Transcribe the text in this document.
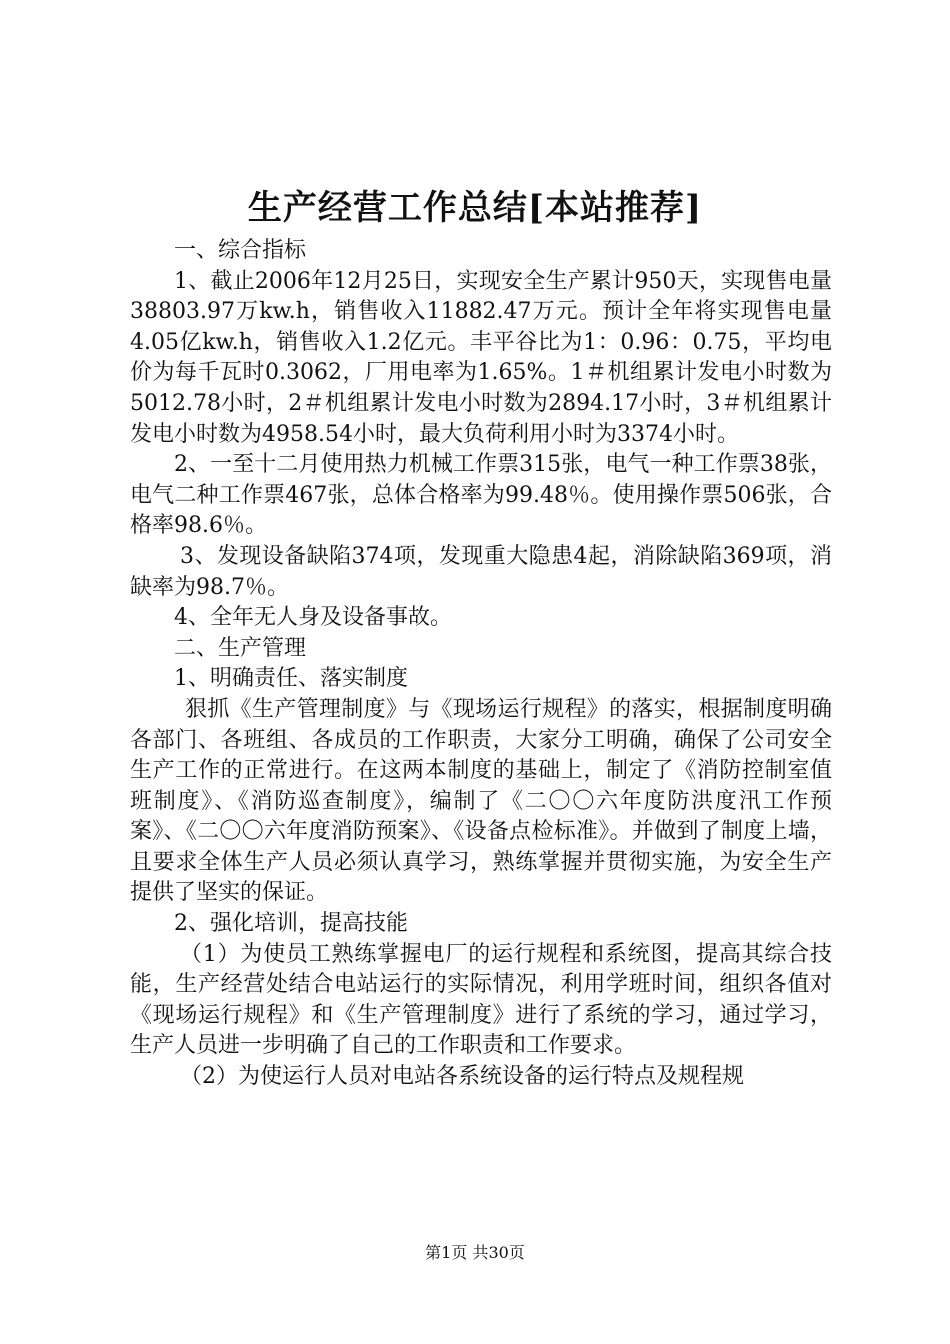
生产经营工作总结[本站推荐]

一、综合指标

1、截止2006年12月25日，实现安全生产累计950天，实现售电量38803.97万kw.h，销售收入11882.47万元。预计全年将实现售电量4.05亿kw.h，销售收入1.2亿元。丰平谷比为1：0.96：0.75，平均电价为每千瓦时0.3062，厂用电率为1.65%。1＃机组累计发电小时数为5012.78小时，2＃机组累计发电小时数为2894.17小时，3＃机组累计发电小时数为4958.54小时，最大负荷利用小时为3374小时。

2、一至十二月使用热力机械工作票315张，电气一种工作票38张，电气二种工作票467张，总体合格率为99.48％。使用操作票506张，合格率98.6％。

3、发现设备缺陷374项，发现重大隐患4起，消除缺陷369项，消缺率为98.7％。

4、全年无人身及设备事故。

二、生产管理

1、明确责任、落实制度

狠抓《生产管理制度》与《现场运行规程》的落实，根据制度明确各部门、各班组、各成员的工作职责，大家分工明确，确保了公司安全生产工作的正常进行。在这两本制度的基础上，制定了《消防控制室值班制度》、《消防巡查制度》，编制了《二〇〇六年度防洪度汛工作预案》、《二〇〇六年度消防预案》、《设备点检标准》。并做到了制度上墙，且要求全体生产人员必须认真学习，熟练掌握并贯彻实施，为安全生产提供了坚实的保证。

2、强化培训，提高技能

（1）为使员工熟练掌握电厂的运行规程和系统图，提高其综合技能，生产经营处结合电站运行的实际情况，利用学班时间，组织各值对《现场运行规程》和《生产管理制度》进行了系统的学习，通过学习，生产人员进一步明确了自己的工作职责和工作要求。

（2）为使运行人员对电站各系统设备的运行特点及规程规

第1页 共30页
